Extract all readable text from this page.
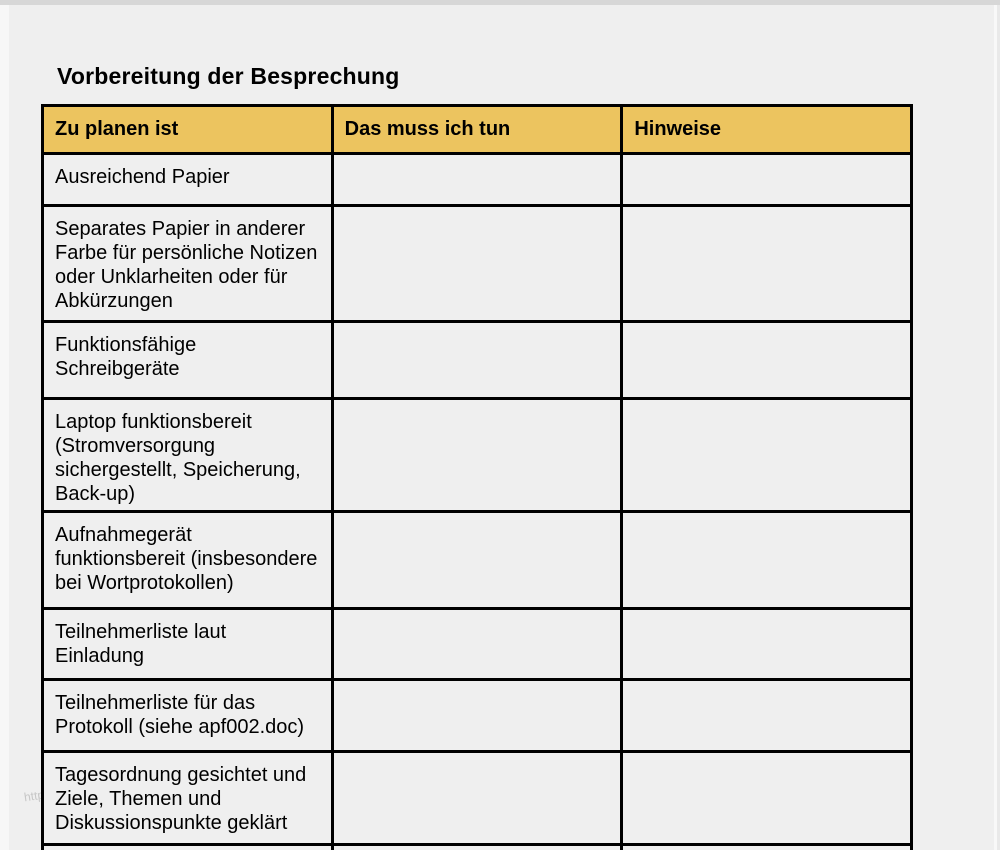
http
Vorbereitung der Besprechung
Zu planen ist	Das muss ich tun	Hinweise
Ausreichend Papier		
Separates Papier in anderer Farbe für persönliche Notizen oder Unklarheiten oder für Abkürzungen		
Funktionsfähige Schreibgeräte		
Laptop funktionsbereit (Stromversorgung sichergestellt, Speicherung, Back-up)		
Aufnahmegerät funktionsbereit (insbesondere bei Wortprotokollen)		
Teilnehmerliste laut Einladung		
Teilnehmerliste für das Protokoll (siehe apf002.doc)		
Tagesordnung gesichtet und Ziele, Themen und Diskussionspunkte geklärt		
